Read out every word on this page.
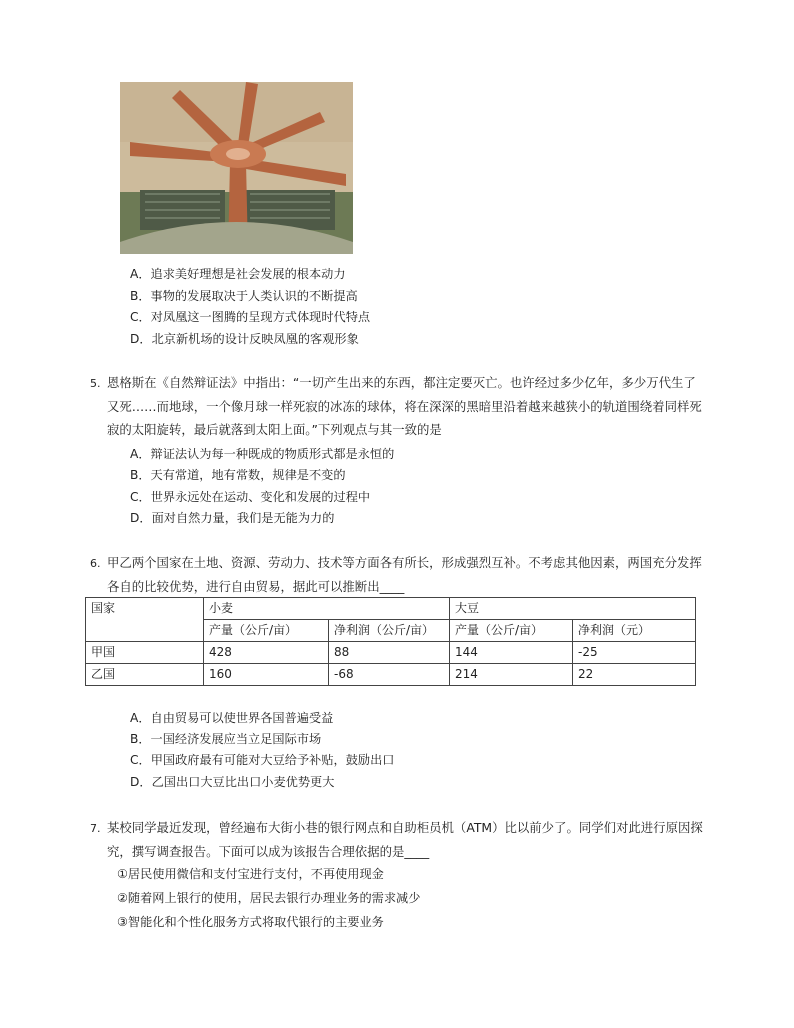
A．追求美好理想是社会发展的根本动力
B．事物的发展取决于人类认识的不断提高
C．对凤凰这一图腾的呈现方式体现时代特点
D．北京新机场的设计反映凤凰的客观形象
5. 恩格斯在《自然辩证法》中指出：“一切产生出来的东西，都注定要灭亡。也许经过多少亿年，多少万代生了又死……而地球，一个像月球一样死寂的冰冻的球体，将在深深的黑暗里沿着越来越狭小的轨道围绕着同样死寂的太阳旋转，最后就落到太阳上面。”下列观点与其一致的是
A．辩证法认为每一种既成的物质形式都是永恒的
B．天有常道，地有常数，规律是不变的
C．世界永远处在运动、变化和发展的过程中
D．面对自然力量，我们是无能为力的
6. 甲乙两个国家在土地、资源、劳动力、技术等方面各有所长，形成强烈互补。不考虑其他因素，两国充分发挥各自的比较优势，进行自由贸易，据此可以推断出____
国家	小麦		大豆	
	产量（公斤/亩）	净利润（公斤/亩）	产量（公斤/亩）	净利润（元）
甲国	428	88	144	-25
乙国	160	-68	214	22
A．自由贸易可以使世界各国普遍受益
B．一国经济发展应当立足国际市场
C．甲国政府最有可能对大豆给予补贴，鼓励出口
D．乙国出口大豆比出口小麦优势更大
7. 某校同学最近发现，曾经遍布大街小巷的银行网点和自助柜员机（ATM）比以前少了。同学们对此进行原因探究，撰写调查报告。下面可以成为该报告合理依据的是____
①居民使用微信和支付宝进行支付，不再使用现金
②随着网上银行的使用，居民去银行办理业务的需求减少
③智能化和个性化服务方式将取代银行的主要业务
